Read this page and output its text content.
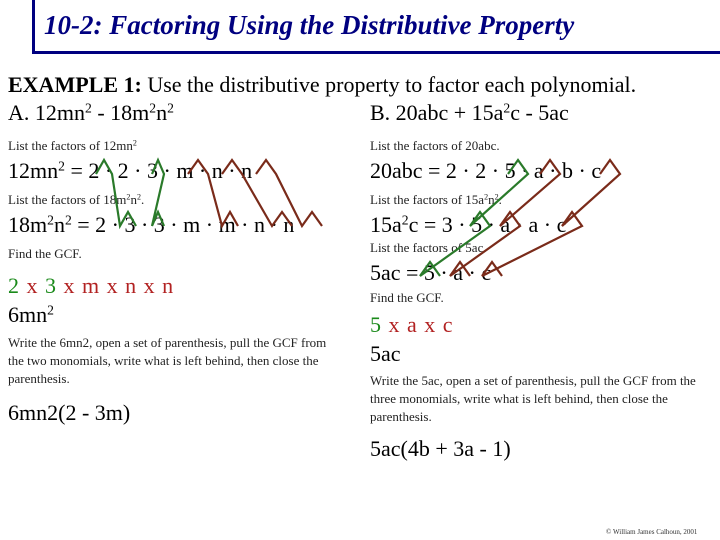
10-2: Factoring Using the Distributive Property
EXAMPLE 1: Use the distributive property to factor each polynomial.
A. $12mn^2 - 18m^2n^2$	B. $20abc + 15a^2c - 5ac$
List the factors of $12mn^2$
$12mn^2 = 2 \cdot 2 \cdot 3 \cdot m \cdot n \cdot n$
List the factors of $18m^2n^2$.
$18m^2n^2 = 2 \cdot 3 \cdot 3 \cdot m \cdot m \cdot n \cdot n$
Find the GCF.
2 x 3 x m x n x n
$6mn^2$
Write the 6mn2, open a set of parenthesis, pull the GCF from the two monomials, write what is left behind, then close the parenthesis.
6mn2(2 - 3m)
List the factors of 20abc.
20abc = 2 · 2 · 5 · a · b · c
List the factors of $15a^2n^2$.
$15a^2c = 3 \cdot 5 \cdot a \cdot a \cdot c$
List the factors of 5ac.
5ac = 5 · a · c
Find the GCF.
5 x a x c
5ac
Write the 5ac, open a set of parenthesis, pull the GCF from the three monomials, write what is left behind, then close the parenthesis.
5ac(4b + 3a - 1)
© William James Calhoun, 2001
